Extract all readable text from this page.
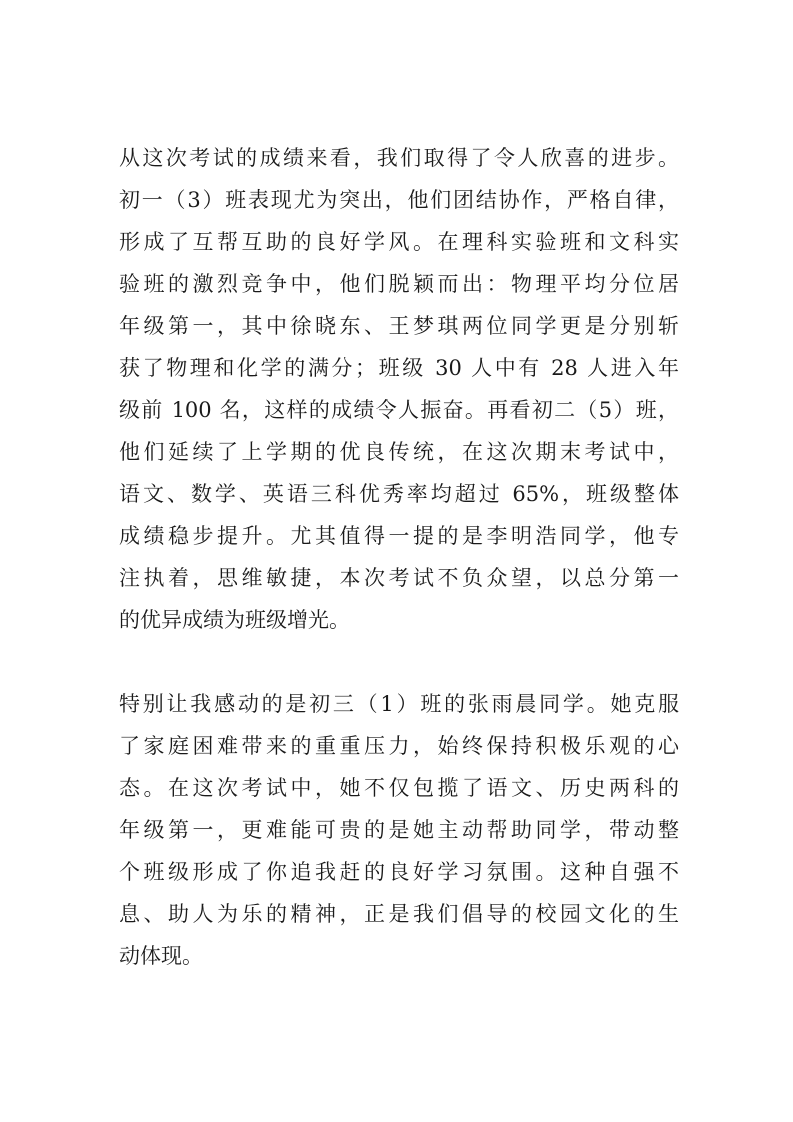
从这次考试的成绩来看，我们取得了令人欣喜的进步。
初一（3）班表现尤为突出，他们团结协作，严格自律，
形成了互帮互助的良好学风。在理科实验班和文科实
验班的激烈竞争中，他们脱颖而出：物理平均分位居
年级第一，其中徐晓东、王梦琪两位同学更是分别斩
获了物理和化学的满分；班级 30 人中有 28 人进入年
级前 100 名，这样的成绩令人振奋。再看初二（5）班，
他们延续了上学期的优良传统，在这次期末考试中，
语文、数学、英语三科优秀率均超过 65%，班级整体
成绩稳步提升。尤其值得一提的是李明浩同学，他专
注执着，思维敏捷，本次考试不负众望，以总分第一
的优异成绩为班级增光。
特别让我感动的是初三（1）班的张雨晨同学。她克服
了家庭困难带来的重重压力，始终保持积极乐观的心
态。在这次考试中，她不仅包揽了语文、历史两科的
年级第一，更难能可贵的是她主动帮助同学，带动整
个班级形成了你追我赶的良好学习氛围。这种自强不
息、助人为乐的精神，正是我们倡导的校园文化的生
动体现。
